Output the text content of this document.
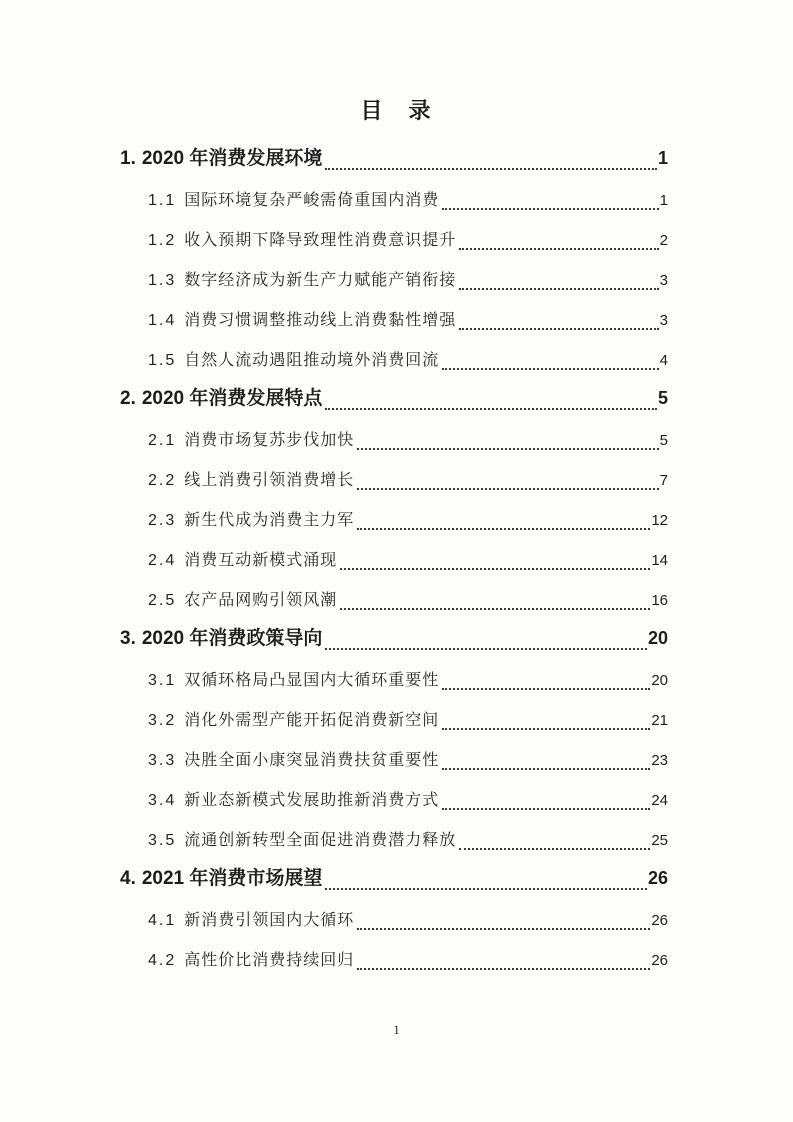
目　录
1. 2020 年消费发展环境	1
1.1 国际环境复杂严峻需倚重国内消费	1
1.2 收入预期下降导致理性消费意识提升	2
1.3 数字经济成为新生产力赋能产销衔接	3
1.4 消费习惯调整推动线上消费黏性增强	3
1.5 自然人流动遇阻推动境外消费回流	4
2. 2020 年消费发展特点	5
2.1 消费市场复苏步伐加快	5
2.2 线上消费引领消费增长	7
2.3 新生代成为消费主力军	12
2.4 消费互动新模式涌现	14
2.5 农产品网购引领风潮	16
3. 2020 年消费政策导向	20
3.1 双循环格局凸显国内大循环重要性	20
3.2 消化外需型产能开拓促消费新空间	21
3.3 决胜全面小康突显消费扶贫重要性	23
3.4 新业态新模式发展助推新消费方式	24
3.5 流通创新转型全面促进消费潜力释放	25
4. 2021 年消费市场展望	26
4.1 新消费引领国内大循环	26
4.2 高性价比消费持续回归	26
1
